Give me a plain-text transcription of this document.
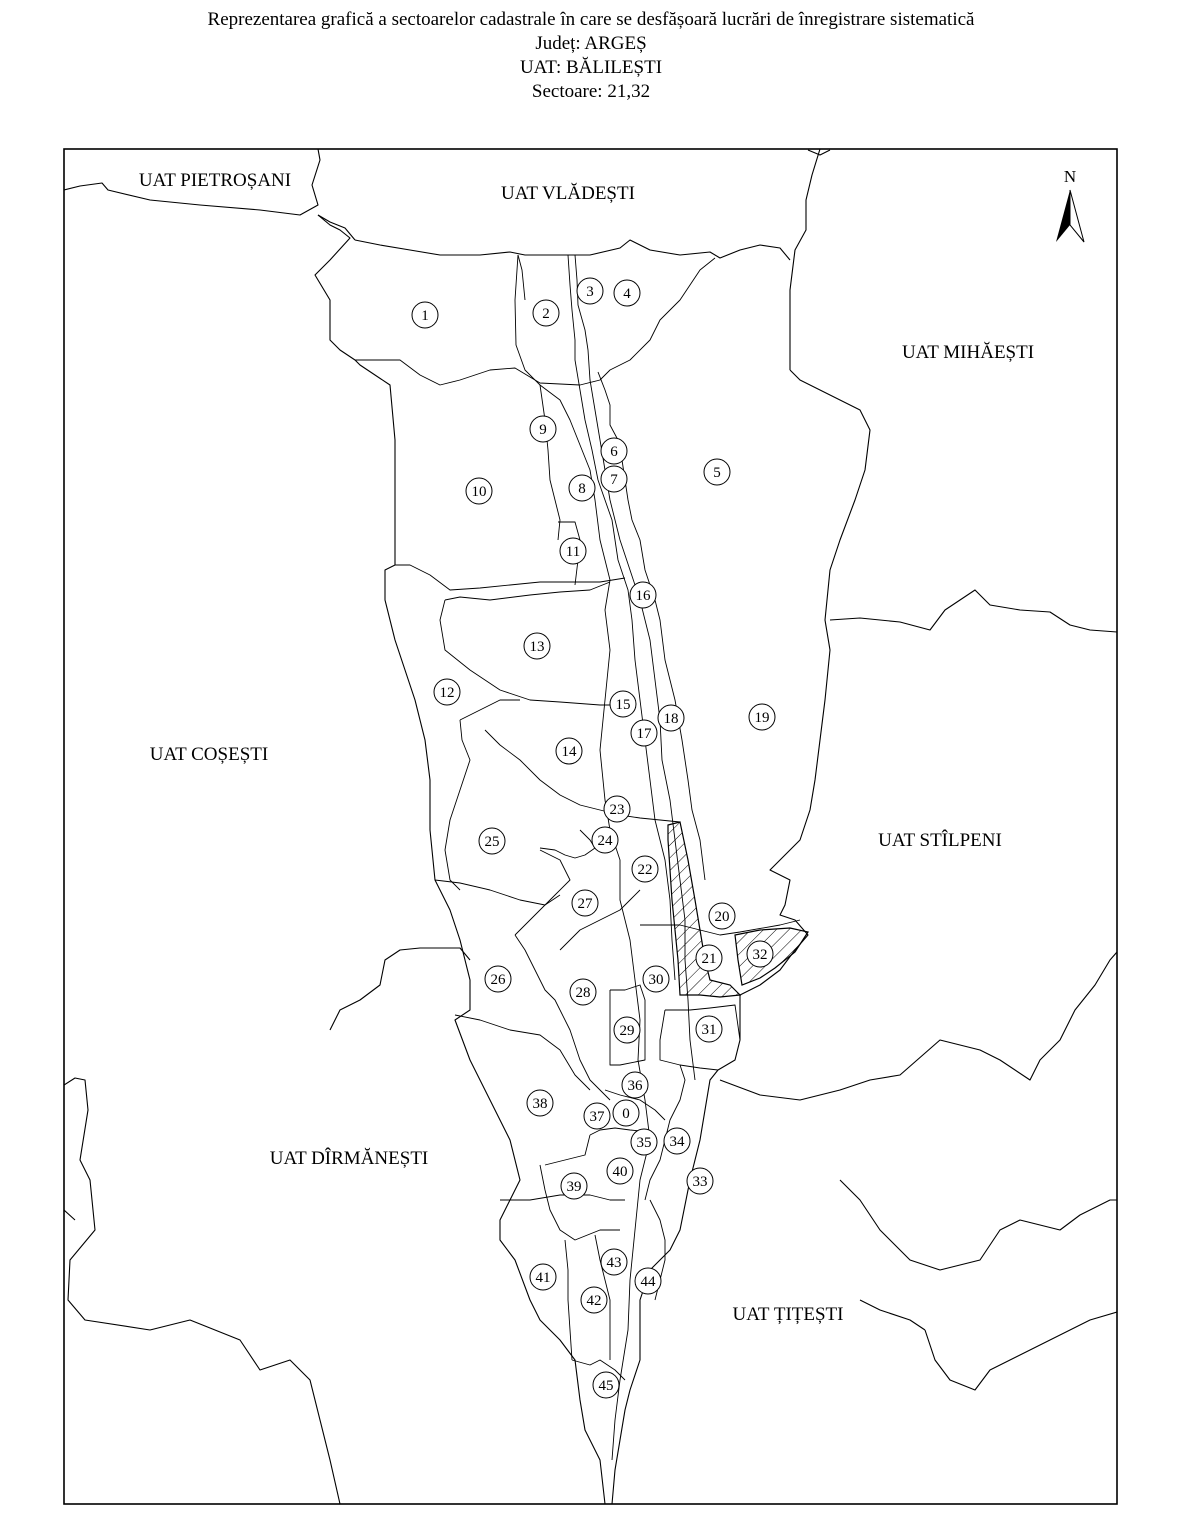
Reprezentarea grafică a sectoarelor cadastrale în care se desfășoară lucrări de înregistrare sistematică
Județ: ARGEȘ
UAT: BĂLILEȘTI
Sectoare: 21,32
N
UAT PIETROȘANI
UAT VLĂDEȘTI
UAT MIHĂEȘTI
UAT COȘEȘTI
UAT STÎLPENI
UAT DÎRMĂNEȘTI
UAT ȚIȚEȘTI
1	2
3 4
5
6
7
8
9
10
11
12
13
14
15
16
17
18	19
20
21
22
23
24
25
26
27
28
29
30
31
32
33
34
35
36
37 0
38
39
40
41
42
43
44
45
